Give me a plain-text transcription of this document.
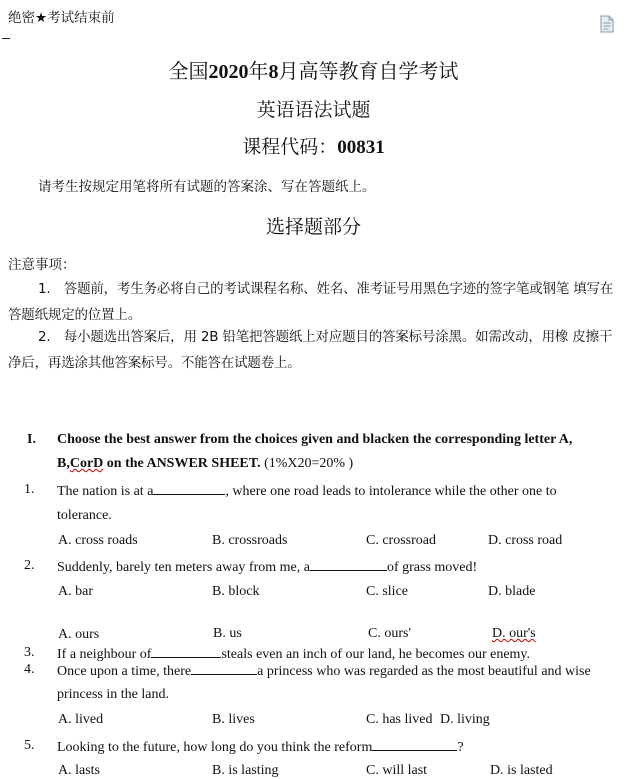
绝密★考试结束前
全国2020年8月高等教育自学考试
英语语法试题
课程代码：00831
请考生按规定用笔将所有试题的答案涂、写在答题纸上。
选择题部分
注意事项：
1.　答题前，考生务必将自己的考试课程名称、姓名、准考证号用黑色字迹的签字笔或钢笔 填写在答题纸规定的位置上。
2.　每小题选出答案后，用 2B 铅笔把答题纸上对应题目的答案标号涂黑。如需改动，用橡 皮擦干净后，再选涂其他答案标号。不能答在试题卷上。
I. Choose the best answer from the choices given and blacken the corresponding letter A,
B,CorD on the ANSWER SHEET. (1%X20=20% )
1. The nation is at a	, where one road leads to intolerance while the other one to
tolerance.
A. cross roads	B. crossroads	C. crossroad	D. cross road
2. Suddenly, barely ten meters away from me, a	of grass moved!
A. bar	B. block	C. slice	D. blade
A. ours	B. us	C. ours'	D. our's
3. If a neighbour of	steals even an inch of our land, he becomes our enemy.
4. Once upon a time, there	a princess who was regarded as the most beautiful and wise
princess in the land.
A. lived	B. lives	C. has lived D. living
5. Looking to the future, how long do you think the reform	?
A. lasts	B. is lasting	C. will last	D. is lasted
